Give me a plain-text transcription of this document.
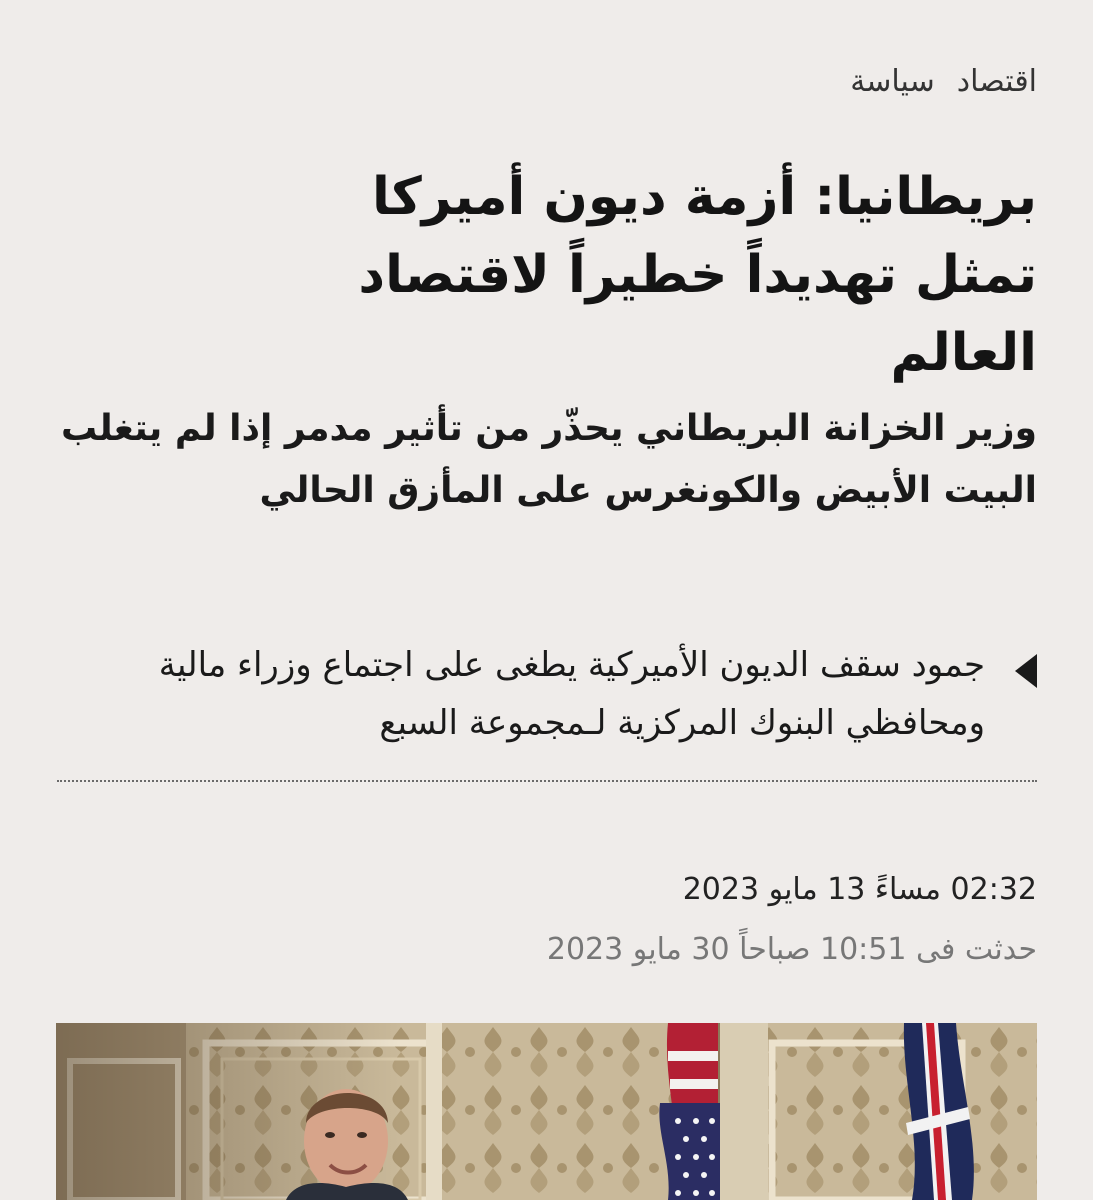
اقتصاد
سياسة
بريطانيا: أزمة ديون أميركا تمثل تهديداً خطيراً لاقتصاد العالم
وزير الخزانة البريطاني يحذّر من تأثير مدمر إذا لم يتغلب البيت الأبيض والكونغرس على المأزق الحالي
جمود سقف الديون الأميركية يطغى على اجتماع وزراء مالية ومحافظي البنوك المركزية لـمجموعة السبع
02:32 مساءً 13 مايو 2023
حدثت فى 10:51 صباحاً 30 مايو 2023
